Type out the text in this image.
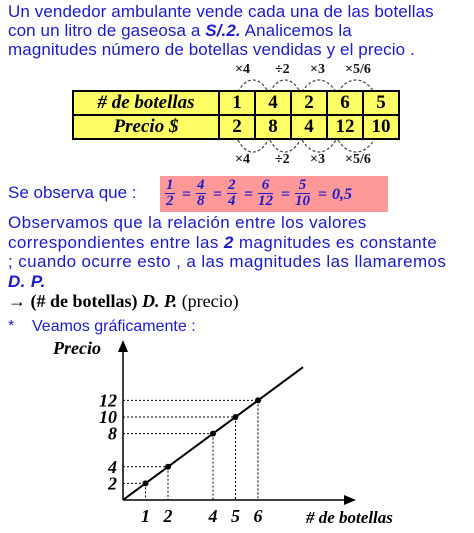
Un vendedor ambulante vende cada una de las botellas
con un litro de gaseosa a S/.2. Analicemos la
magnitudes número de botellas vendidas y el precio .
×4 ÷2 ×3 ×5/6
×4 ÷2 ×3 ×5/6
# de botellas	1	4	2	6	5
Precio $	2	8	4	12	10
Se observa que : $\frac{1}{2} = \frac{4}{8} = \frac{2}{4} = \frac{6}{12} = \frac{5}{10} = 0,5$
Observamos que la relación entre los valores
correspondientes entre las 2 magnitudes es constante
; cuando ocurre esto , a las magnitudes las llamaremos
D. P.
→ (# de botellas) D. P. (precio)
* Veamos gráficamente :
1 2 4 5 6
2
4
8
10
12
Precio
# de botellas
